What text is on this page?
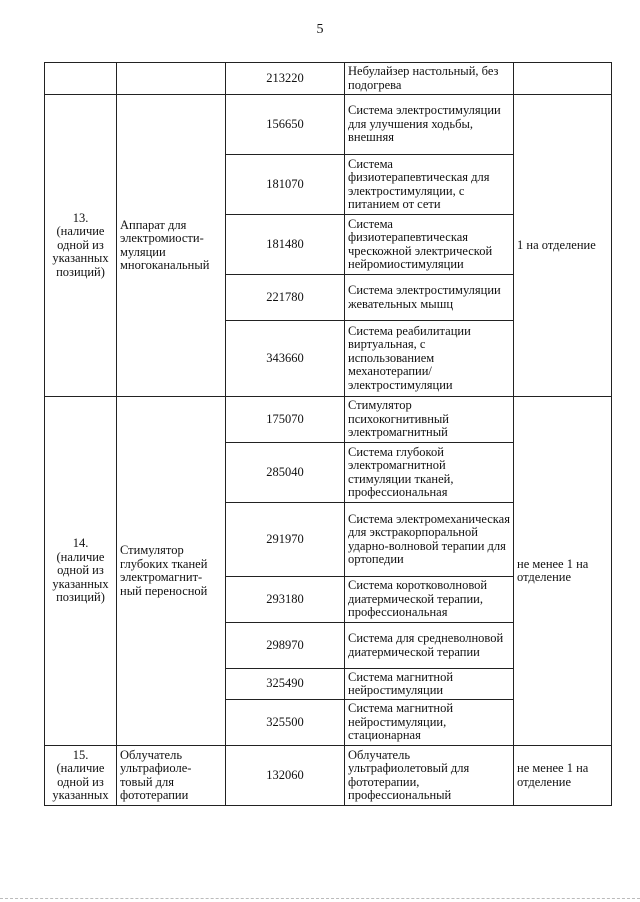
5
		213220	Небулайзер настольный, без подогрева	
13. (наличие одной из указанных позиций)	Аппарат для электромиости-муляции многоканальный	156650	Система электростимуляции для улучшения ходьбы, внешняя	1 на отделение
		181070	Система физиотерапевтическая для электростимуляции, с питанием от сети	
		181480	Система физиотерапевтическая чрескожной электрической нейромиостимуляции	
		221780	Система электростимуляции жевательных мышц	
		343660	Система реабилитации виртуальная, с использованием механотерапии/ электростимуляции	
14. (наличие одной из указанных позиций)	Стимулятор глубоких тканей электромагнит-ный переносной	175070	Стимулятор психокогнитивный электромагнитный	не менее 1 на отделение
		285040	Система глубокой электромагнитной стимуляции тканей, профессиональная	
		291970	Система электромеханическая для экстракорпоральной ударно-волновой терапии для ортопедии	
		293180	Система коротковолновой диатермической терапии, профессиональная	
		298970	Система для средневолновой диатермической терапии	
		325490	Система магнитной нейростимуляции	
		325500	Система магнитной нейростимуляции, стационарная	
15. (наличие одной из указанных	Облучатель ультрафиоле-товый для фототерапии	132060	Облучатель ультрафиолетовый для фототерапии, профессиональный	не менее 1 на отделение
